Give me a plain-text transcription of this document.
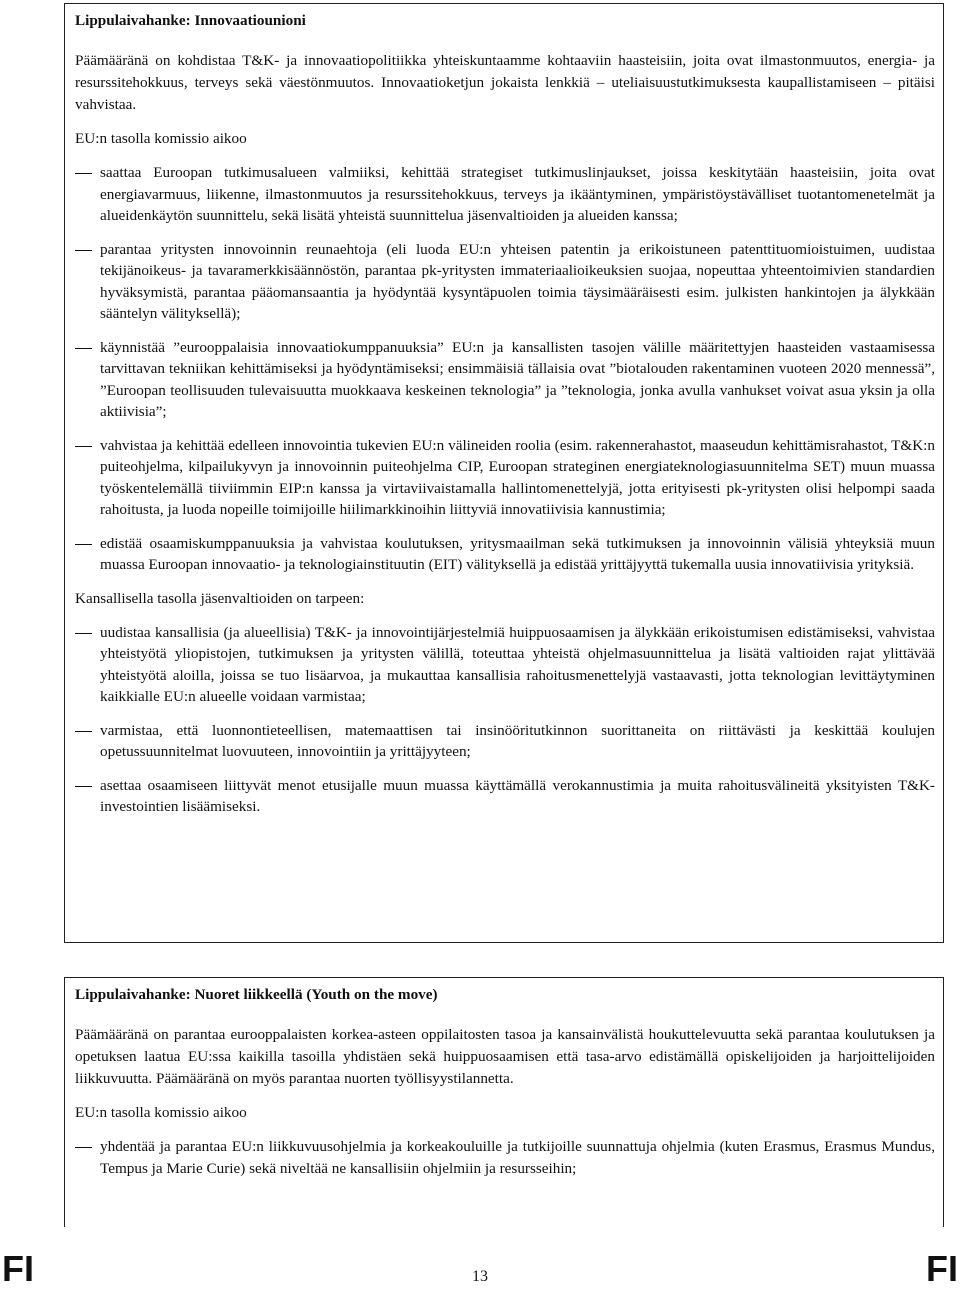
Lippulaivahanke: Innovaatiounioni
Päämääränä on kohdistaa T&K- ja innovaatiopolitiikka yhteiskuntaamme kohtaaviin haasteisiin, joita ovat ilmastonmuutos, energia- ja resurssitehokkuus, terveys sekä väestönmuutos. Innovaatioketjun jokaista lenkkiä – uteliaisuustutkimuksesta kaupallistamiseen – pitäisi vahvistaa.
EU:n tasolla komissio aikoo
saattaa Euroopan tutkimusalueen valmiiksi, kehittää strategiset tutkimuslinjaukset, joissa keskitytään haasteisiin, joita ovat energiavarmuus, liikenne, ilmastonmuutos ja resurssitehokkuus, terveys ja ikääntyminen, ympäristöystävälliset tuotantomenetelmät ja alueidenkäytön suunnittelu, sekä lisätä yhteistä suunnittelua jäsenvaltioiden ja alueiden kanssa;
parantaa yritysten innovoinnin reunaehtoja (eli luoda EU:n yhteisen patentin ja erikoistuneen patenttituomioistuimen, uudistaa tekijänoikeus- ja tavaramerkkisäännöstön, parantaa pk-yritysten immateriaalioikeuksien suojaa, nopeuttaa yhteentoimivien standardien hyväksymistä, parantaa pääomansaantia ja hyödyntää kysyntäpuolen toimia täysimääräisesti esim. julkisten hankintojen ja älykkään sääntelyn välityksellä);
käynnistää ”eurooppalaisia innovaatiokumppanuuksia” EU:n ja kansallisten tasojen välille määritettyjen haasteiden vastaamisessa tarvittavan tekniikan kehittämiseksi ja hyödyntämiseksi; ensimmäisiä tällaisia ovat ”biotalouden rakentaminen vuoteen 2020 mennessä”, ”Euroopan teollisuuden tulevaisuutta muokkaava keskeinen teknologia” ja ”teknologia, jonka avulla vanhukset voivat asua yksin ja olla aktiivisia”;
vahvistaa ja kehittää edelleen innovointia tukevien EU:n välineiden roolia (esim. rakennerahastot, maaseudun kehittämisrahastot, T&K:n puiteohjelma, kilpailukyvyn ja innovoinnin puiteohjelma CIP, Euroopan strateginen energiateknologiasuunnitelma SET) muun muassa työskentelemällä tiiviimmin EIP:n kanssa ja virtaviivaistamalla hallintomenettelyjä, jotta erityisesti pk-yritysten olisi helpompi saada rahoitusta, ja luoda nopeille toimijoille hiilimarkkinoihin liittyviä innovatiivisia kannustimia;
edistää osaamiskumppanuuksia ja vahvistaa koulutuksen, yritysmaailman sekä tutkimuksen ja innovoinnin välisiä yhteyksiä muun muassa Euroopan innovaatio- ja teknologiainstituutin (EIT) välityksellä ja edistää yrittäjyyttä tukemalla uusia innovatiivisia yrityksiä.
Kansallisella tasolla jäsenvaltioiden on tarpeen:
uudistaa kansallisia (ja alueellisia) T&K- ja innovointijärjestelmiä huippuosaamisen ja älykkään erikoistumisen edistämiseksi, vahvistaa yhteistyötä yliopistojen, tutkimuksen ja yritysten välillä, toteuttaa yhteistä ohjelmasuunnittelua ja lisätä valtioiden rajat ylittävää yhteistyötä aloilla, joissa se tuo lisäarvoa, ja mukauttaa kansallisia rahoitusmenettelyjä vastaavasti, jotta teknologian levittäytyminen kaikkialle EU:n alueelle voidaan varmistaa;
varmistaa, että luonnontieteellisen, matemaattisen tai insinööritutkinnon suorittaneita on riittävästi ja keskittää koulujen opetussuunnitelmat luovuuteen, innovointiin ja yrittäjyyteen;
asettaa osaamiseen liittyvät menot etusijalle muun muassa käyttämällä verokannustimia ja muita rahoitusvälineitä yksityisten T&K-investointien lisäämiseksi.
Lippulaivahanke: Nuoret liikkeellä (Youth on the move)
Päämääränä on parantaa eurooppalaisten korkea-asteen oppilaitosten tasoa ja kansainvälistä houkuttelevuutta sekä parantaa koulutuksen ja opetuksen laatua EU:ssa kaikilla tasoilla yhdistäen sekä huippuosaamisen että tasa-arvo edistämällä opiskelijoiden ja harjoittelijoiden liikkuvuutta. Päämääränä on myös parantaa nuorten työllisyystilannetta.
EU:n tasolla komissio aikoo
yhdentää ja parantaa EU:n liikkuvuusohjelmia ja korkeakouluille ja tutkijoille suunnattuja ohjelmia (kuten Erasmus, Erasmus Mundus, Tempus ja Marie Curie) sekä niveltää ne kansallisiin ohjelmiin ja resursseihin;
FI	13	FI
